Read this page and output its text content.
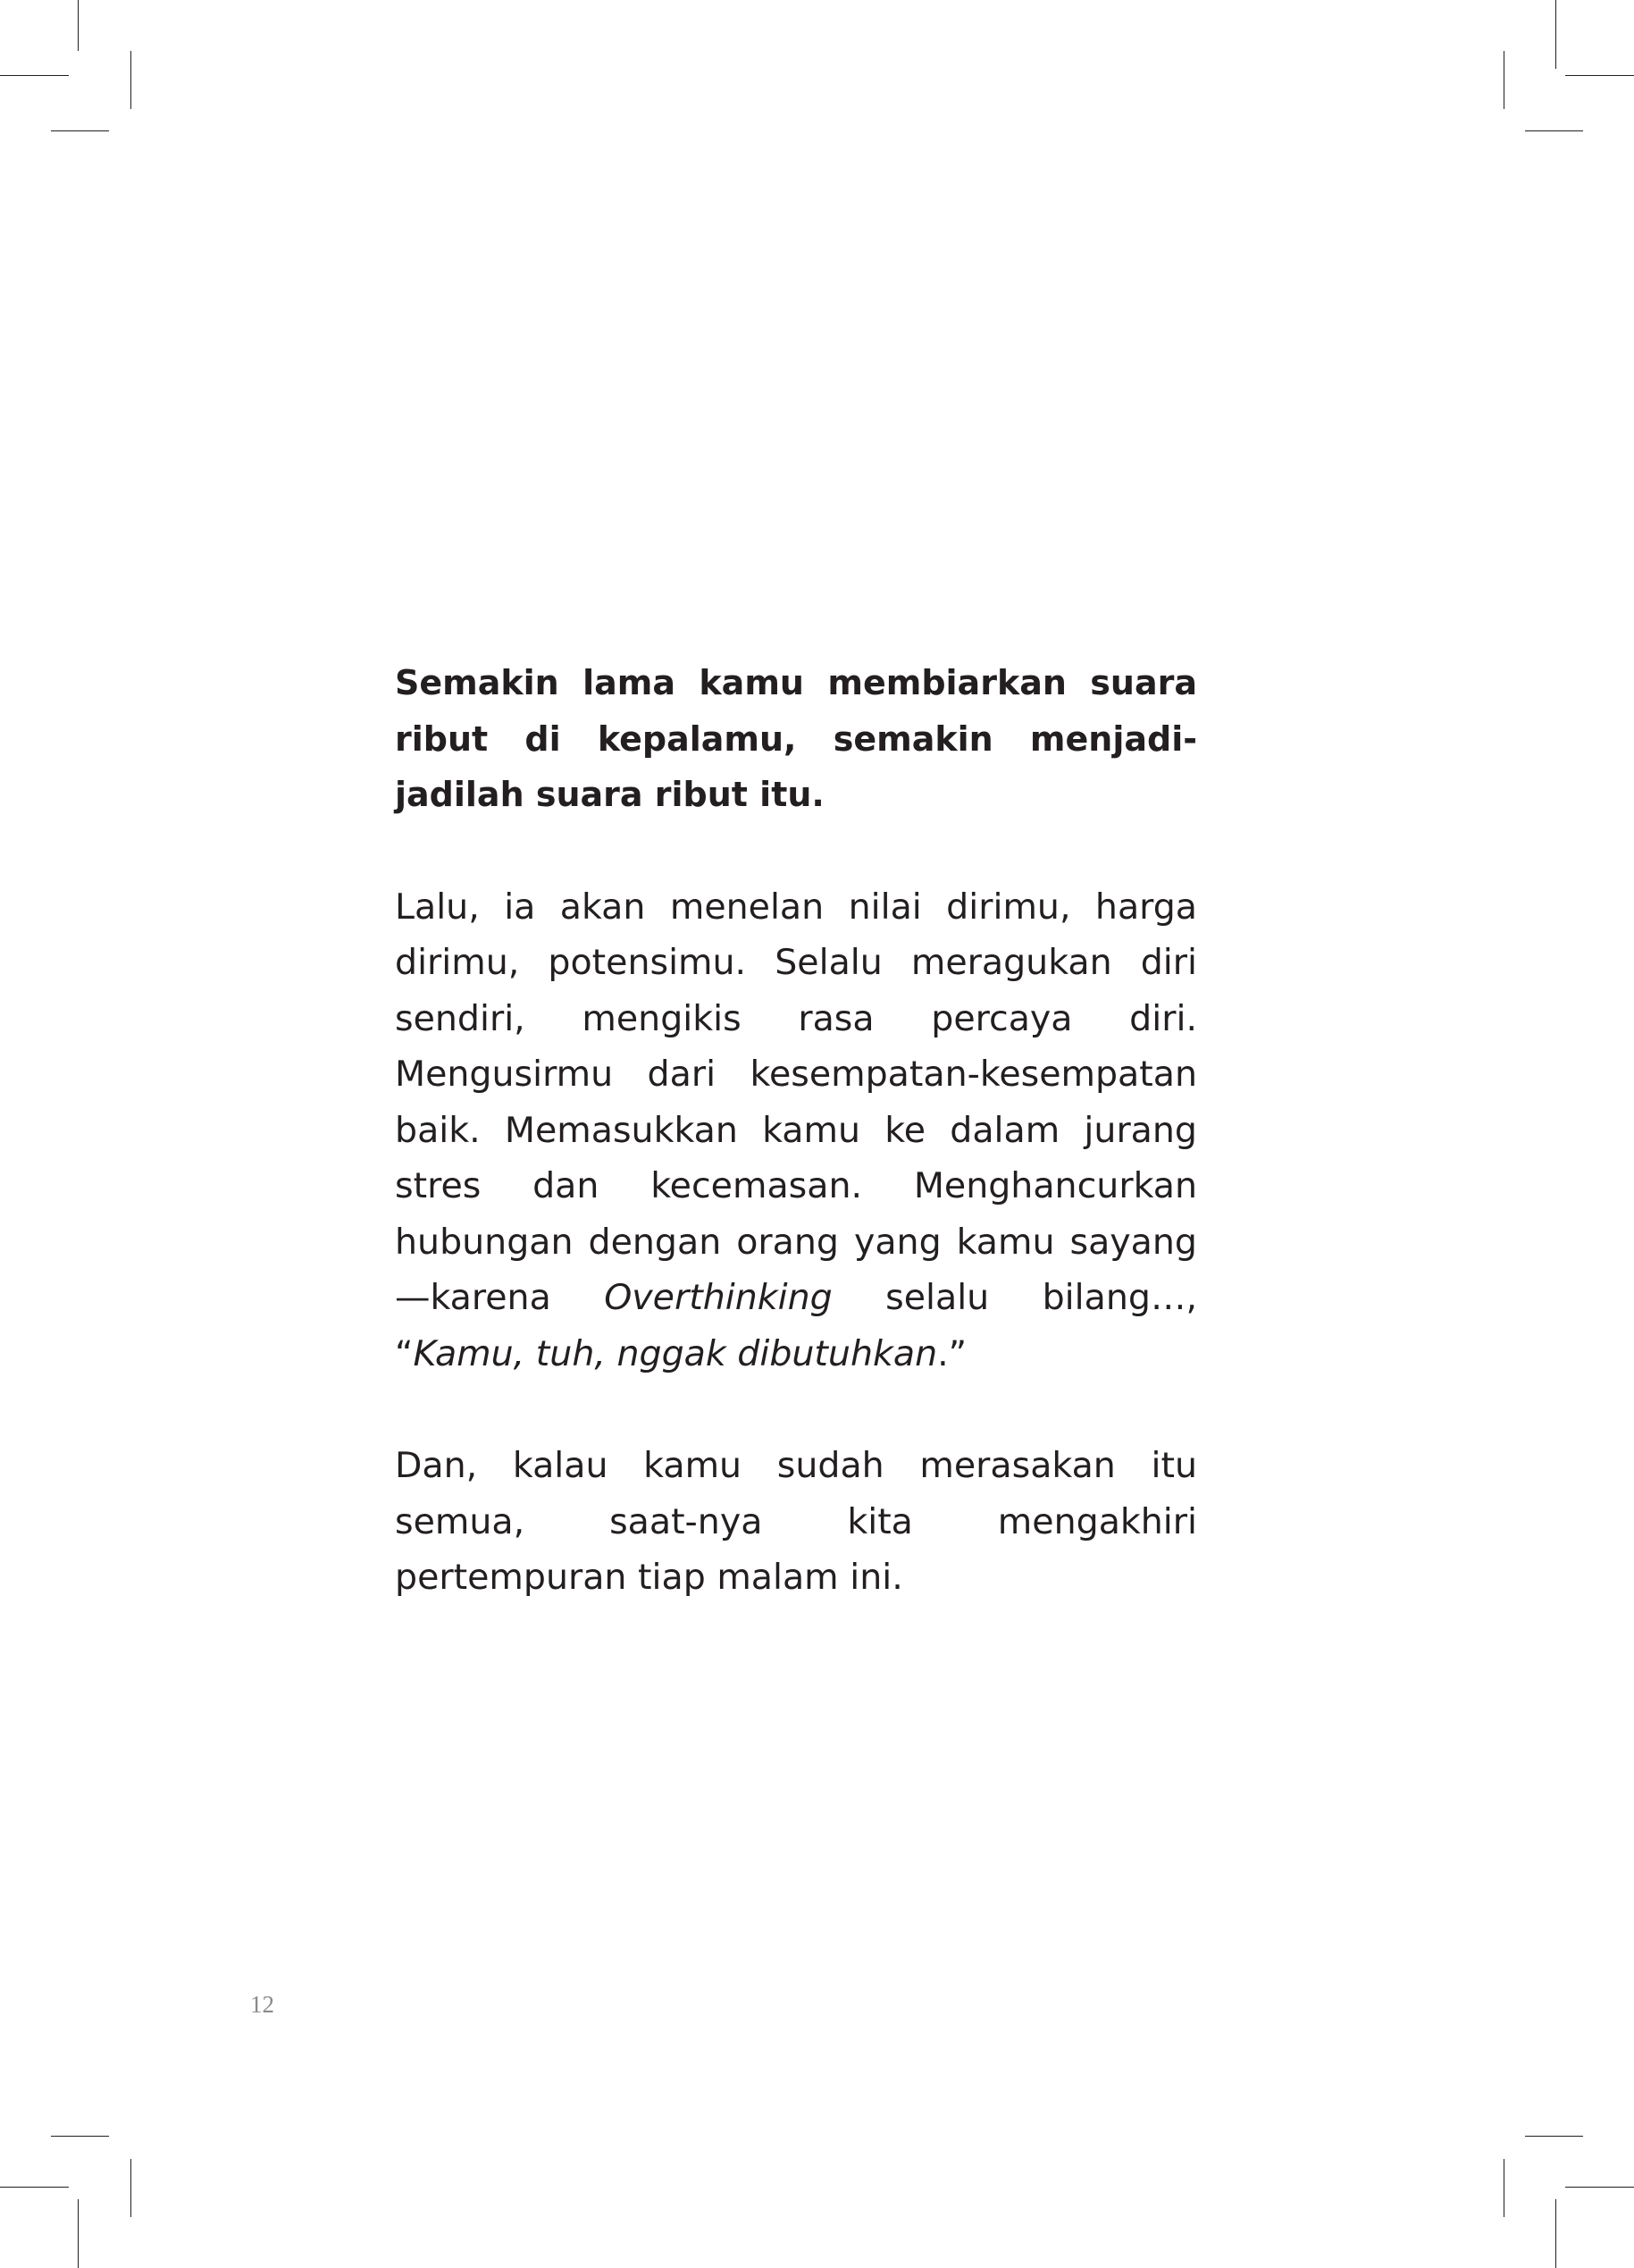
Semakin lama kamu membiarkan suara ribut di kepalamu, semakin menjadi-jadilah suara ribut itu.

Lalu, ia akan menelan nilai dirimu, harga dirimu, potensimu. Selalu meragukan diri sendiri, mengikis rasa percaya diri. Mengusirmu dari kesempatan-kesempatan baik. Memasukkan kamu ke dalam jurang stres dan kecemasan. Menghancurkan hubungan dengan orang yang kamu sayang—karena Overthinking selalu bilang…, “Kamu, tuh, nggak dibutuhkan.”

Dan, kalau kamu sudah merasakan itu semua, saat-nya kita mengakhiri pertempuran tiap malam ini.

12
